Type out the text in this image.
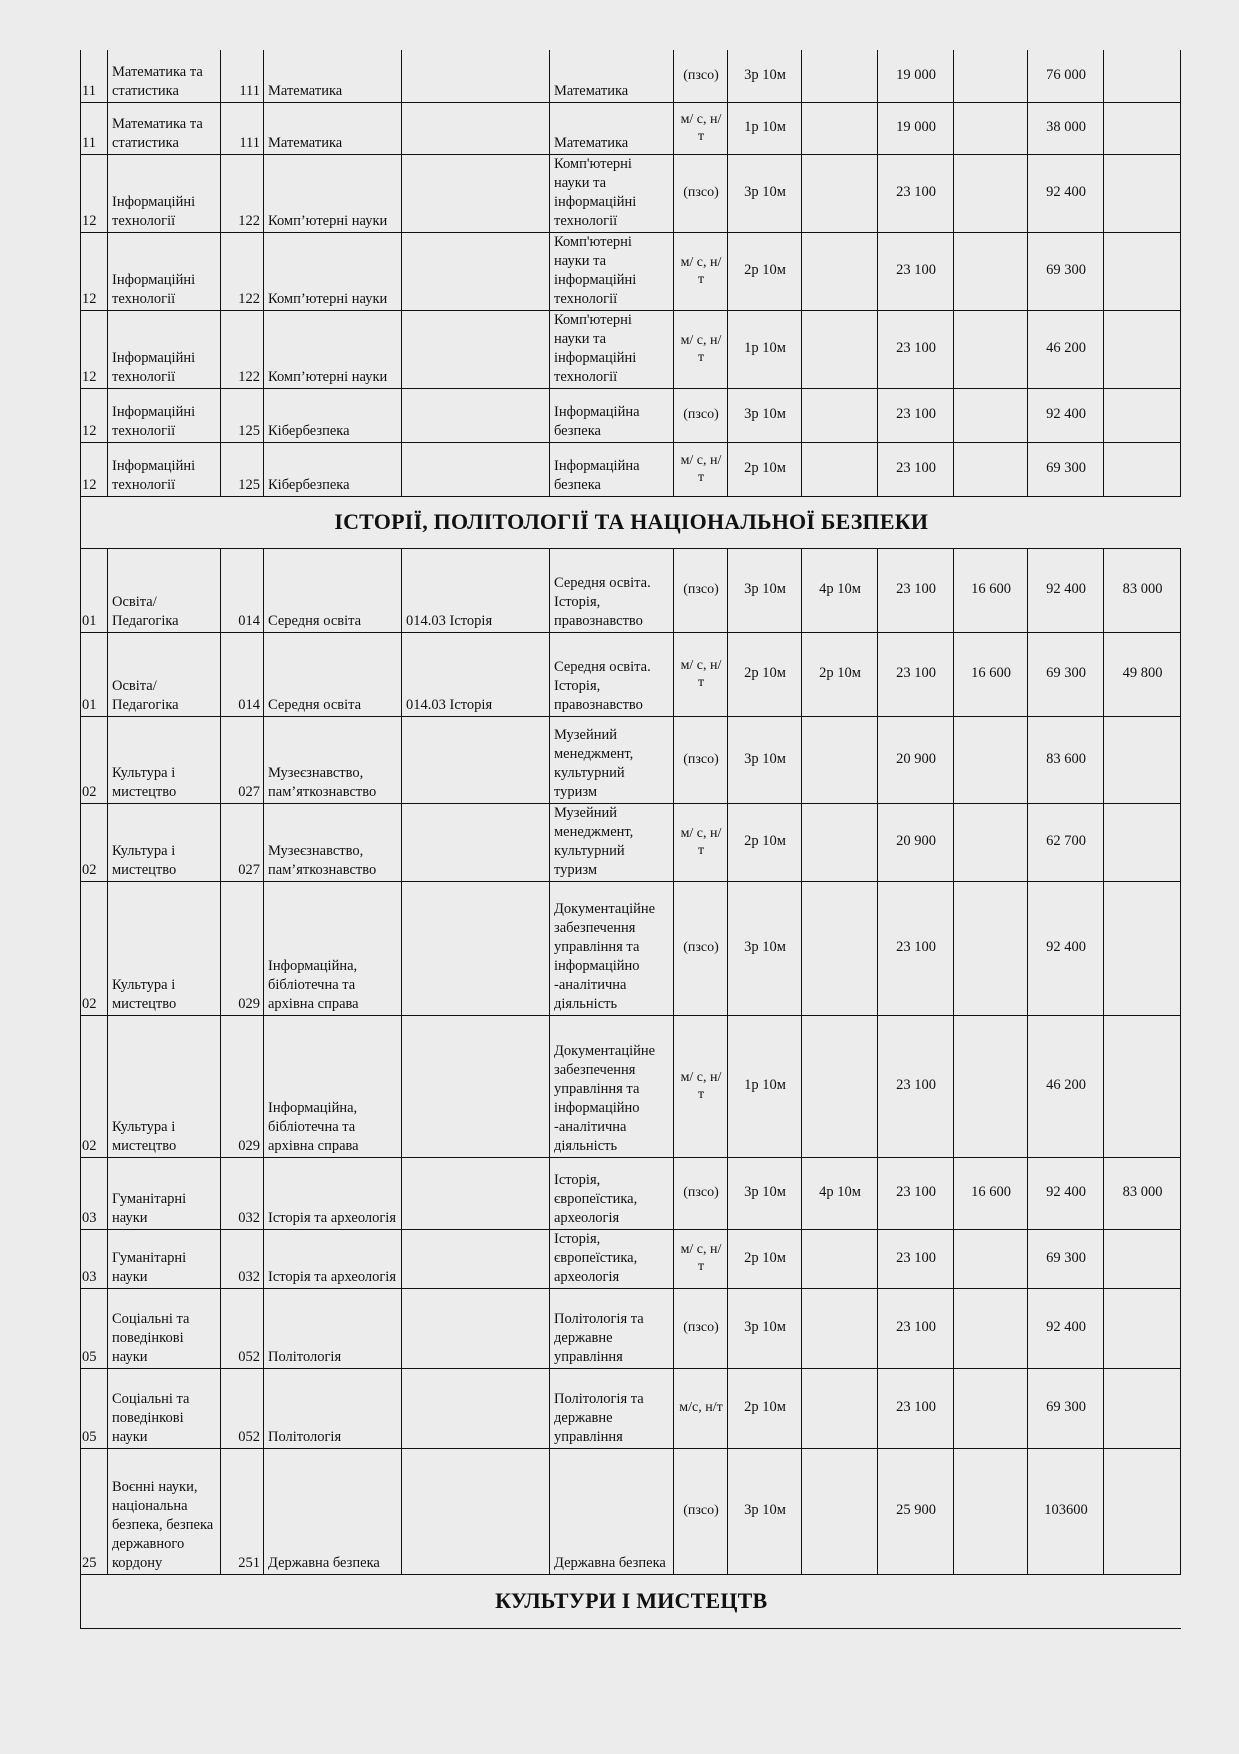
11	Математика та статистика	111	Математика		Математика	(пзсо)	3р 10м		19 000		76 000	
11	Математика та статистика	111	Математика		Математика	м/ с, н/ т	1р 10м		19 000		38 000	
12	Інформаційні технології	122	Комп’ютерні науки		Комп'ютерні науки та інформаційні технології	(пзсо)	3р 10м		23 100		92 400	
12	Інформаційні технології	122	Комп’ютерні науки		Комп'ютерні науки та інформаційні технології	м/ с, н/ т	2р 10м		23 100		69 300	
12	Інформаційні технології	122	Комп’ютерні науки		Комп'ютерні науки та інформаційні технології	м/ с, н/ т	1р 10м		23 100		46 200	
12	Інформаційні технології	125	Кібербезпека		Інформаційна безпека	(пзсо)	3р 10м		23 100		92 400	
12	Інформаційні технології	125	Кібербезпека		Інформаційна безпека	м/ с, н/ т	2р 10м		23 100		69 300	
ІСТОРІЇ, ПОЛІТОЛОГІЇ ТА НАЦІОНАЛЬНОЇ БЕЗПЕКИ												
01	Освіта/ Педагогіка	014	Середня освіта	014.03 Історія	Середня освіта. Історія, правознавство	(пзсо)	3р 10м	4р 10м	23 100	16 600	92 400	83 000
01	Освіта/ Педагогіка	014	Середня освіта	014.03 Історія	Середня освіта. Історія, правознавство	м/ с, н/ т	2р 10м	2р 10м	23 100	16 600	69 300	49 800
02	Культура і мистецтво	027	Музеєзнавство, пам’яткознавство		Музейний менеджмент, культурний туризм	(пзсо)	3р 10м		20 900		83 600	
02	Культура і мистецтво	027	Музеєзнавство, пам’яткознавство		Музейний менеджмент, культурний туризм	м/ с, н/ т	2р 10м		20 900		62 700	
02	Культура і мистецтво	029	Інформаційна, бібліотечна та архівна справа		Документаційне забезпечення управління та інформаційно -аналітична діяльність	(пзсо)	3р 10м		23 100		92 400	
02	Культура і мистецтво	029	Інформаційна, бібліотечна та архівна справа		Документаційне забезпечення управління та інформаційно -аналітична діяльність	м/ с, н/ т	1р 10м		23 100		46 200	
03	Гуманітарні науки	032	Історія та археологія		Історія, європеїстика, археологія	(пзсо)	3р 10м	4р 10м	23 100	16 600	92 400	83 000
03	Гуманітарні науки	032	Історія та археологія		Історія, європеїстика, археологія	м/ с, н/ т	2р 10м		23 100		69 300	
05	Соціальні та поведінкові науки	052	Політологія		Політологія та державне управління	(пзсо)	3р 10м		23 100		92 400	
05	Соціальні та поведінкові науки	052	Політологія		Політологія та державне управління	м/с, н/т	2р 10м		23 100		69 300	
25	Воєнні науки, національна безпека, безпека державного кордону	251	Державна безпека		Державна безпека	(пзсо)	3р 10м		25 900		103600	
КУЛЬТУРИ І МИСТЕЦТВ												
